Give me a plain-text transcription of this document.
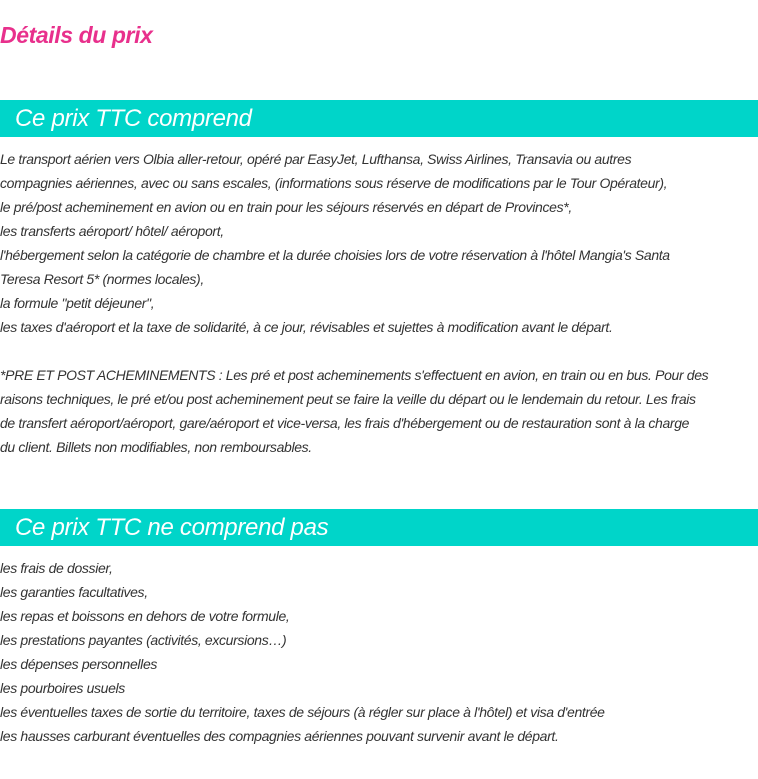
Détails du prix
Ce prix TTC comprend
Le transport aérien vers Olbia aller-retour, opéré par EasyJet, Lufthansa, Swiss Airlines, Transavia ou autres
compagnies aériennes, avec ou sans escales, (informations sous réserve de modifications par le Tour Opérateur),
le pré/post acheminement en avion ou en train pour les séjours réservés en départ de Provinces*,
les transferts aéroport/ hôtel/ aéroport,
l'hébergement selon la catégorie de chambre et la durée choisies lors de votre réservation à l'hôtel Mangia's Santa
Teresa Resort 5* (normes locales),
la formule "petit déjeuner",
les taxes d'aéroport et la taxe de solidarité, à ce jour, révisables et sujettes à modification avant le départ.
*PRE ET POST ACHEMINEMENTS : Les pré et post acheminements s'effectuent en avion, en train ou en bus. Pour des
raisons techniques, le pré et/ou post acheminement peut se faire la veille du départ ou le lendemain du retour. Les frais
de transfert aéroport/aéroport, gare/aéroport et vice-versa, les frais d'hébergement ou de restauration sont à la charge
du client. Billets non modifiables, non remboursables.
Ce prix TTC ne comprend pas
les frais de dossier,
les garanties facultatives,
les repas et boissons en dehors de votre formule,
les prestations payantes (activités, excursions…)
les dépenses personnelles
les pourboires usuels
les éventuelles taxes de sortie du territoire, taxes de séjours (à régler sur place à l'hôtel) et visa d'entrée
les hausses carburant éventuelles des compagnies aériennes pouvant survenir avant le départ.
